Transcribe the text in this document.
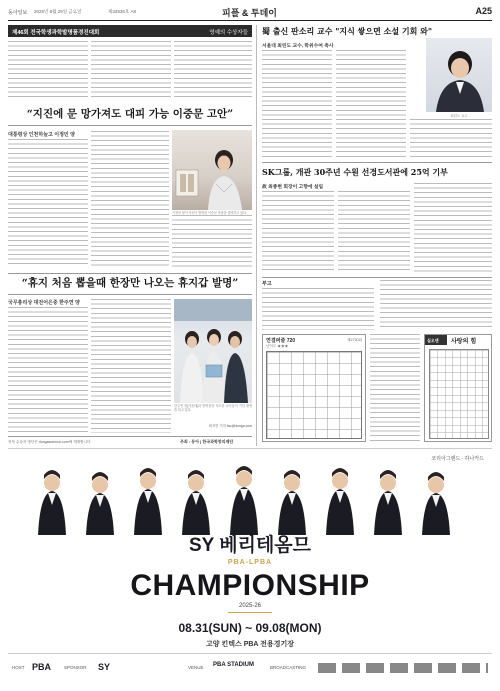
동아일보 2025년 8월 29일 금요일	제32936호 A8	피플 & 투데이	A25
제46회 전국학생과학발명품경진대회	영예의 수상자들
“지진에 문 망가져도 대피 가능 이중문 고안”
대통령상 인천하늘고 이정민 양
이정민 양이 자신이 발명한 이중문 작품을 설명하고 있다.
“휴지 처음 뽑을때 한장만 나오는 휴지갑 발명”
국무총리상 대전어은중 한주연 양
한주연 양(가운데)과 발명품을 지도한 교사들이 기념 촬영을 하고 있다.
최지연 기자 lwc@donga.com
전북 수상자 명단은 dongascience.com에 게재합니다	주최 : 동아 | 한국과학창의재단
蜀 출신 판소리 교수 "지식 쌓으면 소설 기회 와"
서울대 최린도 교수, 학위수여 축사
최린도 교수
SK그룹, 개관 30주년 수원 선경도서관에 25억 기부
故 최종현 회장이 고향에 설립
부고
연결퍼즐 720	제2730회
난이도 ★★★
실오앤 사랑의 힘
코리아그랜드 · 하나카드
SY 베리테옴므
PBA-LPBA
CHAMPIONSHIP
2025-26
08.31(SUN) ~ 09.08(MON)
고양 킨텍스 PBA 전용경기장
HOST PBA	SPONSOR SY	VENUE PBA STADIUM	BROADCASTING
